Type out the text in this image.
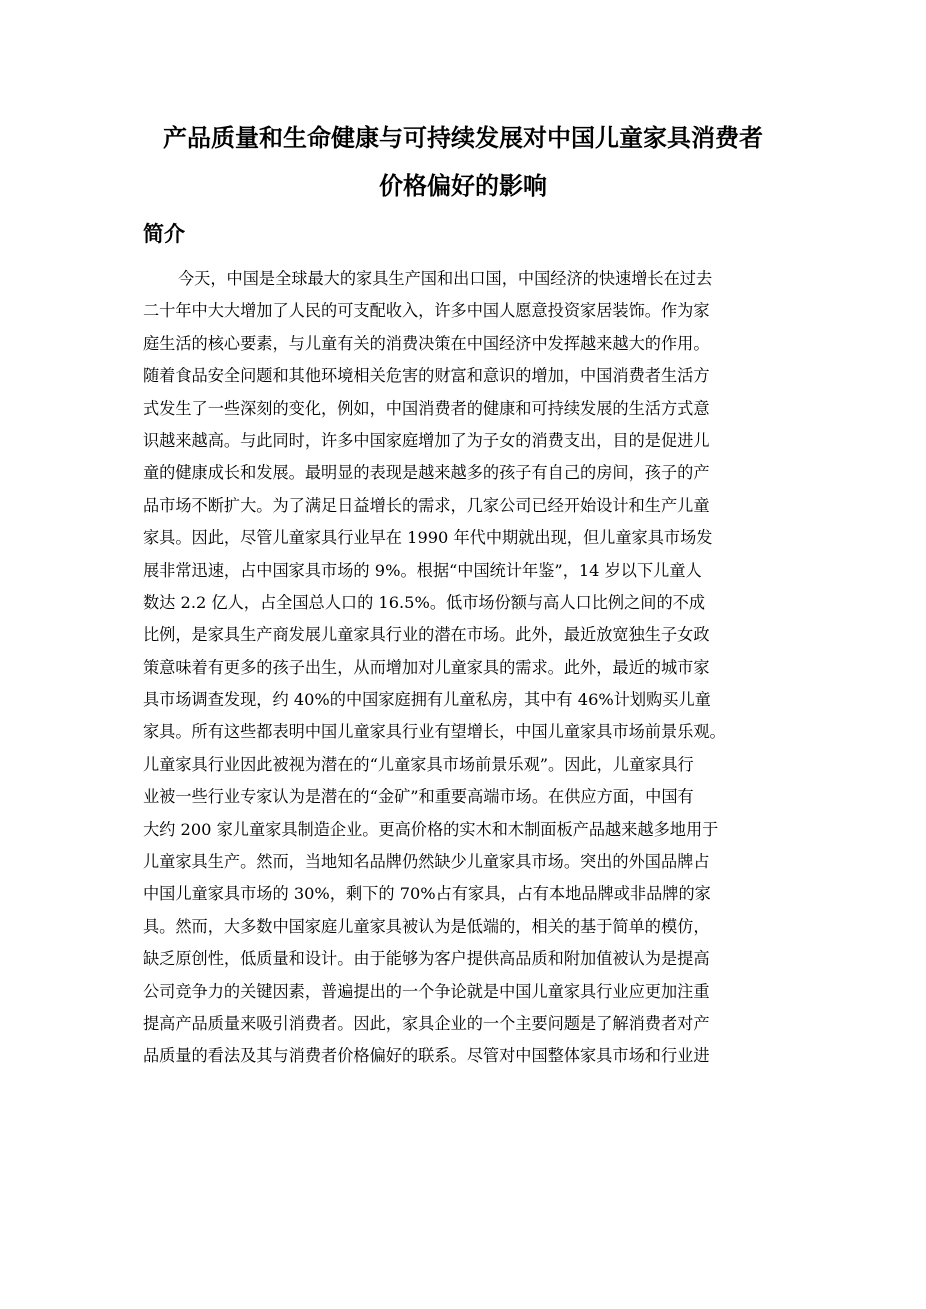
产品质量和生命健康与可持续发展对中国儿童家具消费者
价格偏好的影响
简介
今天，中国是全球最大的家具生产国和出口国，中国经济的快速增长在过去
二十年中大大增加了人民的可支配收入，许多中国人愿意投资家居装饰。作为家
庭生活的核心要素，与儿童有关的消费决策在中国经济中发挥越来越大的作用。
随着食品安全问题和其他环境相关危害的财富和意识的增加，中国消费者生活方
式发生了一些深刻的变化，例如，中国消费者的健康和可持续发展的生活方式意
识越来越高。与此同时，许多中国家庭增加了为子女的消费支出，目的是促进儿
童的健康成长和发展。最明显的表现是越来越多的孩子有自己的房间，孩子的产
品市场不断扩大。为了满足日益增长的需求，几家公司已经开始设计和生产儿童
家具。因此，尽管儿童家具行业早在 1990 年代中期就出现，但儿童家具市场发
展非常迅速，占中国家具市场的 9%。根据“中国统计年鉴”，14 岁以下儿童人
数达 2.2 亿人，占全国总人口的 16.5%。低市场份额与高人口比例之间的不成
比例，是家具生产商发展儿童家具行业的潜在市场。此外，最近放宽独生子女政
策意味着有更多的孩子出生，从而增加对儿童家具的需求。此外，最近的城市家
具市场调查发现，约 40%的中国家庭拥有儿童私房，其中有 46%计划购买儿童
家具。所有这些都表明中国儿童家具行业有望增长，中国儿童家具市场前景乐观。
儿童家具行业因此被视为潜在的“儿童家具市场前景乐观”。因此，儿童家具行
业被一些行业专家认为是潜在的“金矿”和重要高端市场。在供应方面，中国有
大约 200 家儿童家具制造企业。更高价格的实木和木制面板产品越来越多地用于
儿童家具生产。然而，当地知名品牌仍然缺少儿童家具市场。突出的外国品牌占
中国儿童家具市场的 30%，剩下的 70%占有家具，占有本地品牌或非品牌的家
具。然而，大多数中国家庭儿童家具被认为是低端的，相关的基于简单的模仿，
缺乏原创性，低质量和设计。由于能够为客户提供高品质和附加值被认为是提高
公司竞争力的关键因素，普遍提出的一个争论就是中国儿童家具行业应更加注重
提高产品质量来吸引消费者。因此，家具企业的一个主要问题是了解消费者对产
品质量的看法及其与消费者价格偏好的联系。尽管对中国整体家具市场和行业进
